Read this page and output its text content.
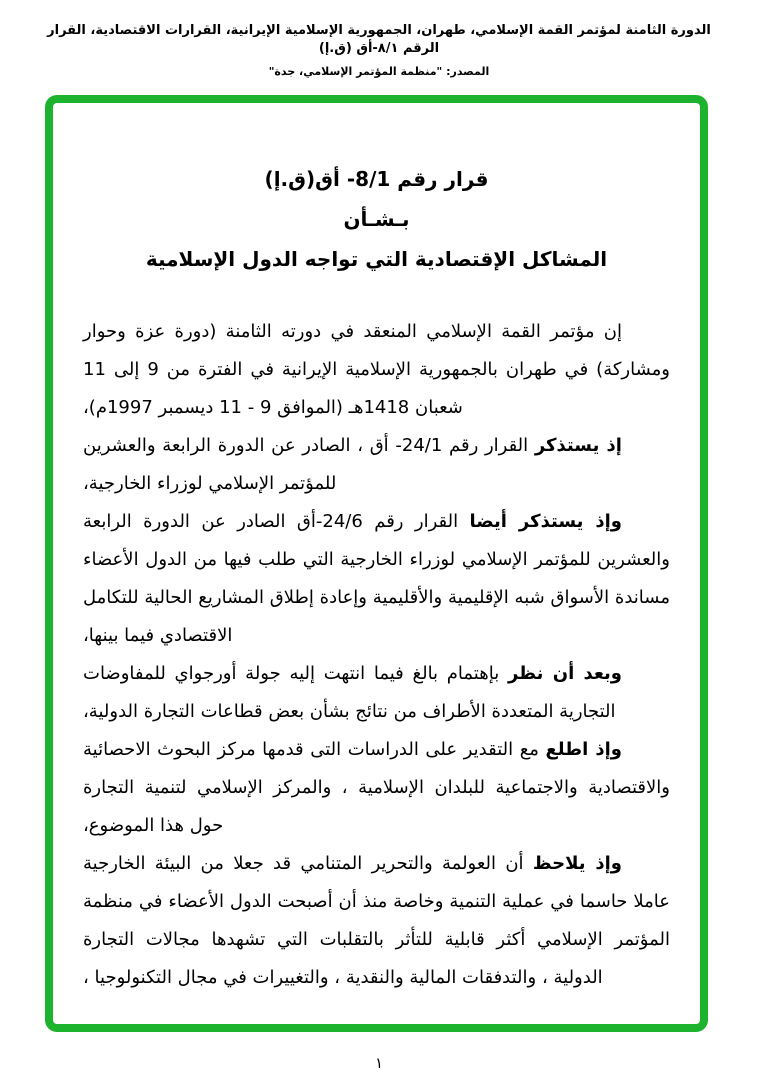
الدورة الثامنة لمؤتمر القمة الإسلامي، طهران، الجمهورية الإسلامية الإيرانية، القرارات الاقتصادية، القرار الرقم ٨/١-أق (ق.إ)
المصدر: "منظمة المؤتمر الإسلامي، جدة"
قرار رقم 8/1- أق(ق.إ)
بـشـأن
المشاكل الإقتصادية التي تواجه الدول الإسلامية

إن مؤتمر القمة الإسلامي المنعقد في دورته الثامنة (دورة عزة وحوار ومشاركة) في طهران بالجمهورية الإسلامية الإيرانية في الفترة من 9 إلى 11 شعبان 1418هـ (الموافق 9 - 11 ديسمبر 1997م)،

إذ يستذكر القرار رقم 24/1- أق ، الصادر عن الدورة الرابعة والعشرين للمؤتمر الإسلامي لوزراء الخارجية،

وإذ يستذكر أيضا القرار رقم 24/6-أق الصادر عن الدورة الرابعة والعشرين للمؤتمر الإسلامي لوزراء الخارجية التي طلب فيها من الدول الأعضاء مساندة الأسواق شبه الإقليمية والأقليمية وإعادة إطلاق المشاريع الحالية للتكامل الاقتصادي فيما بينها،

وبعد أن نظر بإهتمام بالغ فيما انتهت إليه جولة أورجواي للمفاوضات التجارية المتعددة الأطراف من نتائج بشأن بعض قطاعات التجارة الدولية،

وإذ اطلع مع التقدير على الدراسات التى قدمها مركز البحوث الاحصائية والاقتصادية والاجتماعية للبلدان الإسلامية ، والمركز الإسلامي لتنمية التجارة حول هذا الموضوع،

وإذ يلاحظ أن العولمة والتحرير المتنامي قد جعلا من البيئة الخارجية عاملا حاسما في عملية التنمية وخاصة منذ أن أصبحت الدول الأعضاء في منظمة المؤتمر الإسلامي أكثر قابلية للتأثر بالتقلبات التي تشهدها مجالات التجارة الدولية ، والتدفقات المالية والنقدية ، والتغييرات في مجال التكنولوجيا ،

١
